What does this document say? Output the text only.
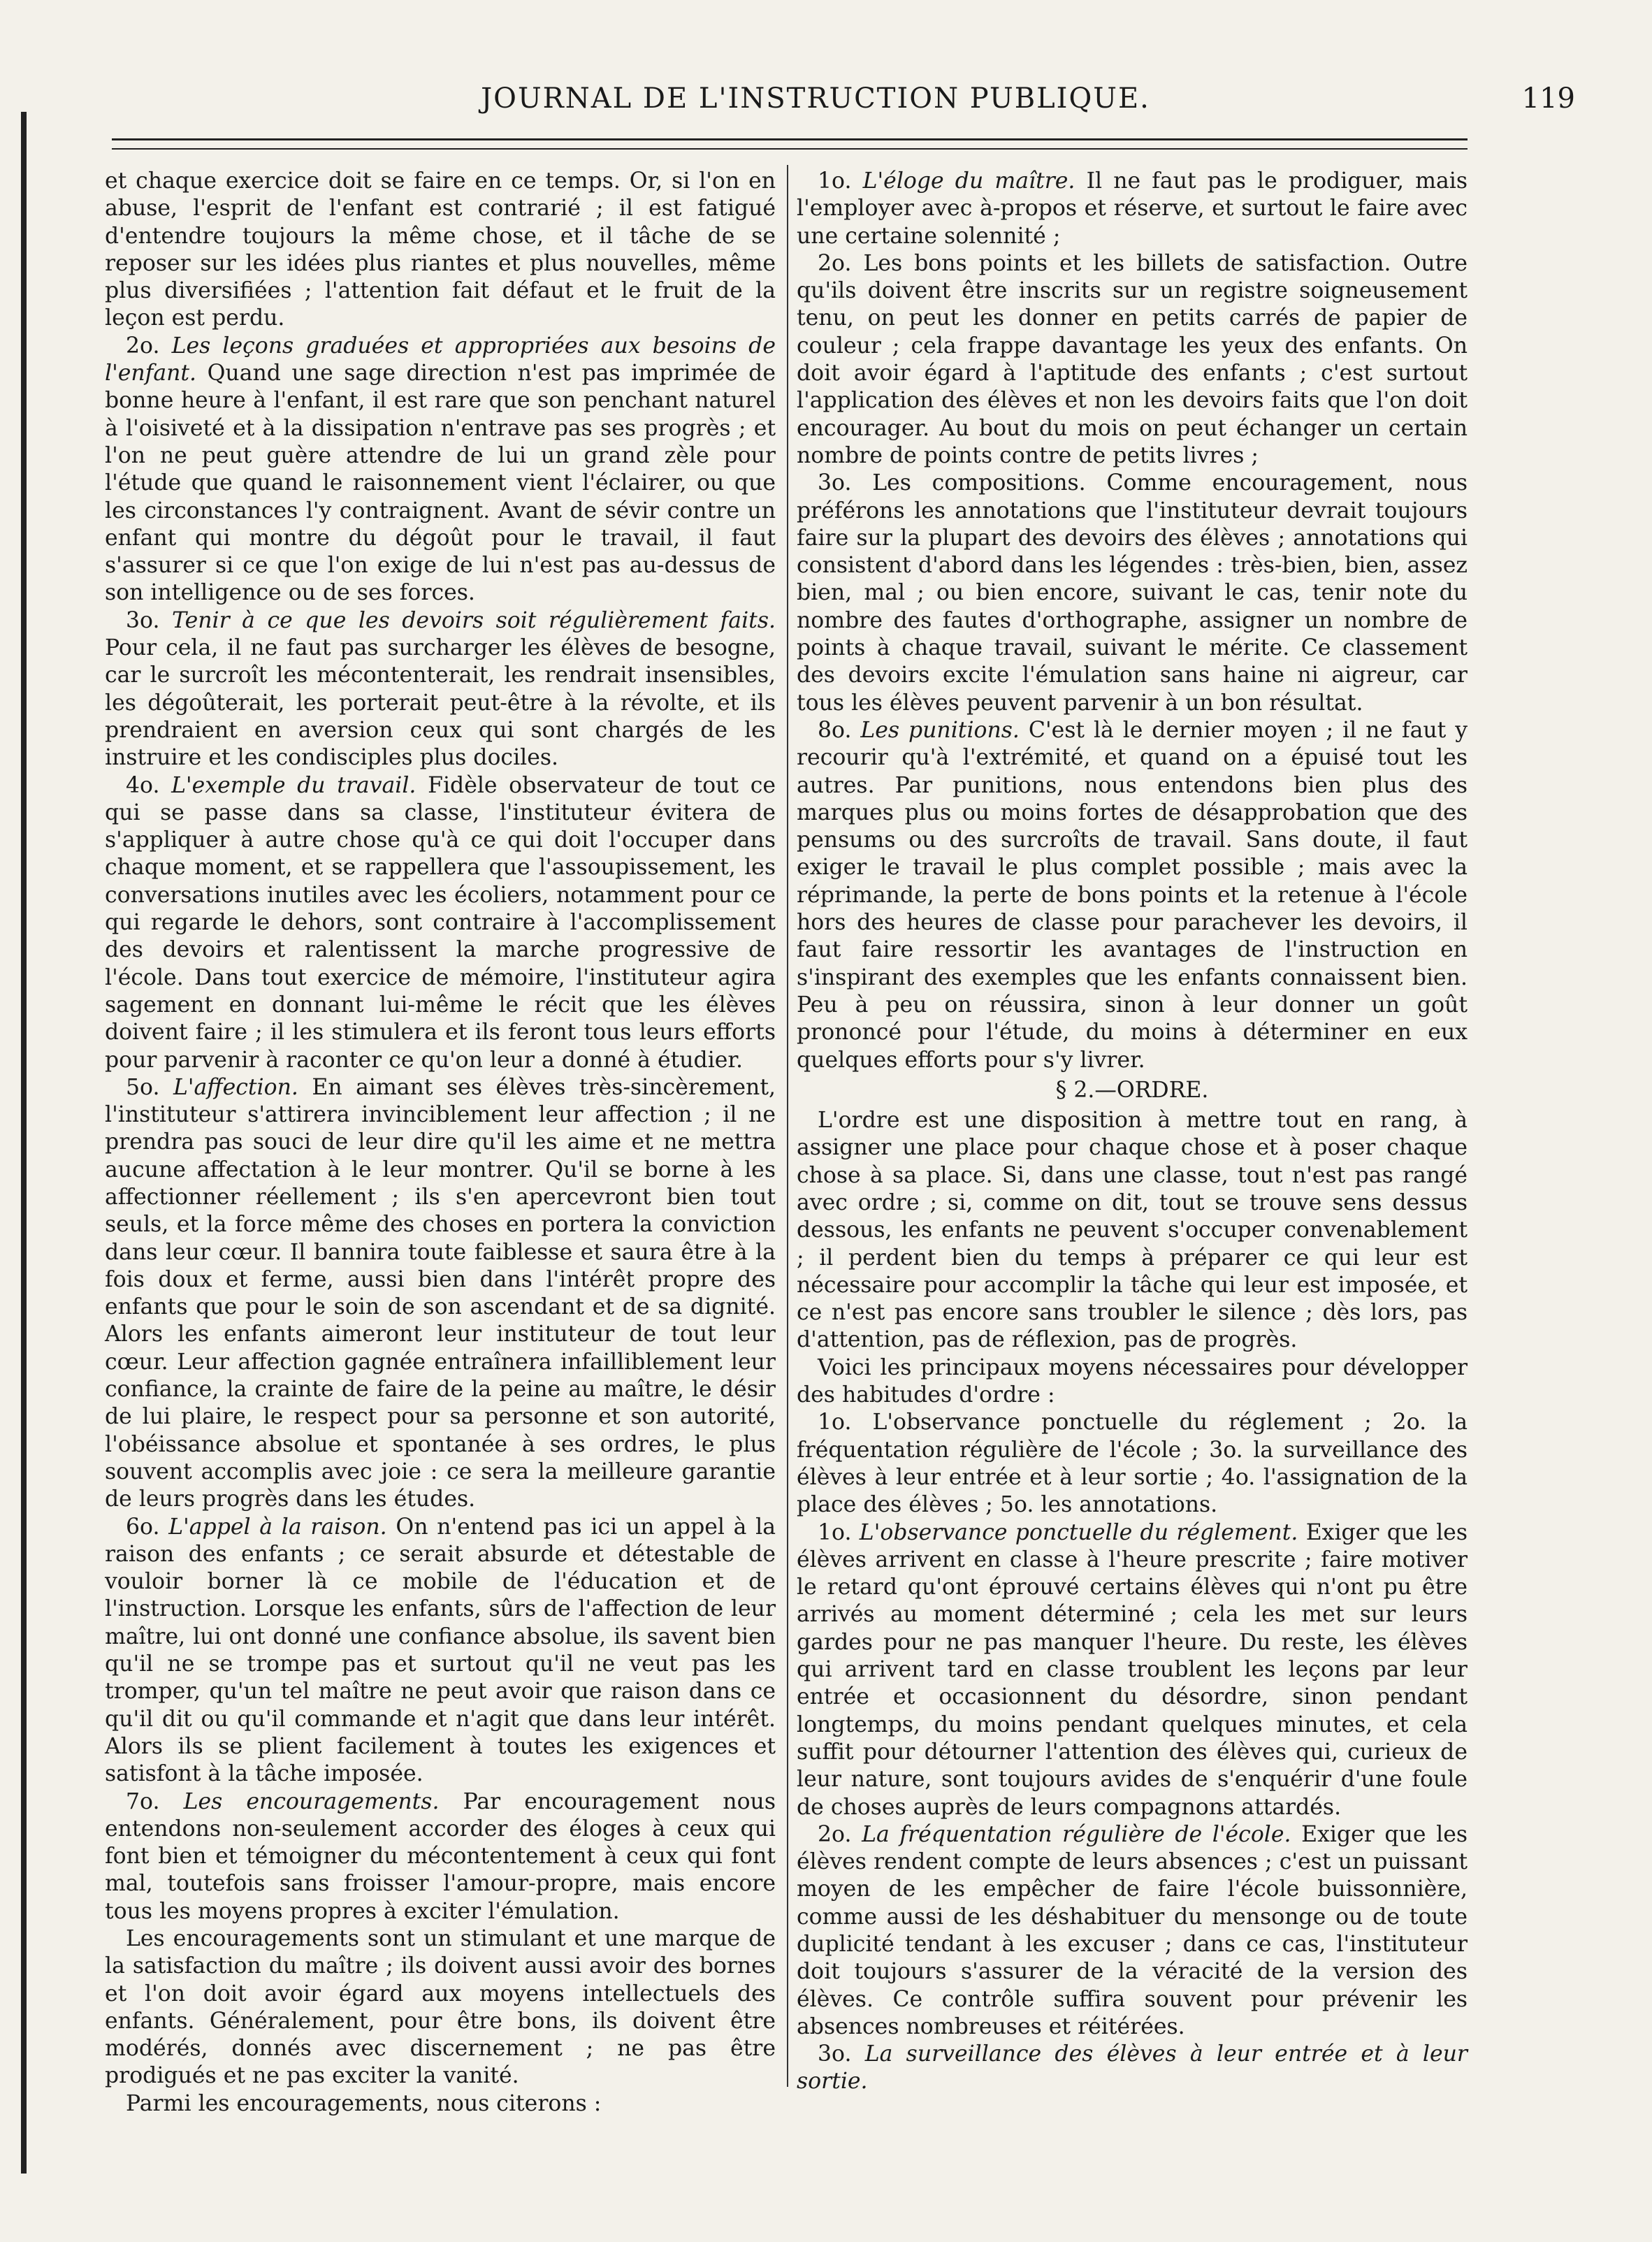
JOURNAL DE L'INSTRUCTION PUBLIQUE.	119

et chaque exercice doit se faire en ce temps. Or, si l'on en abuse, l'esprit de l'enfant est contrarié ; il est fatigué d'entendre toujours la même chose, et il tâche de se reposer sur les idées plus riantes et plus nouvelles, même plus diversifiées ; l'attention fait défaut et le fruit de la leçon est perdu.

2o. Les leçons graduées et appropriées aux besoins de l'enfant. Quand une sage direction n'est pas imprimée de bonne heure à l'enfant, il est rare que son penchant naturel à l'oisiveté et à la dissipation n'entrave pas ses progrès ; et l'on ne peut guère attendre de lui un grand zèle pour l'étude que quand le raisonnement vient l'éclairer, ou que les circonstances l'y contraignent. Avant de sévir contre un enfant qui montre du dégoût pour le travail, il faut s'assurer si ce que l'on exige de lui n'est pas au-dessus de son intelligence ou de ses forces.

3o. Tenir à ce que les devoirs soit régulièrement faits. Pour cela, il ne faut pas surcharger les élèves de besogne, car le surcroît les mécontenterait, les rendrait insensibles, les dégoûterait, les porterait peut-être à la révolte, et ils prendraient en aversion ceux qui sont chargés de les instruire et les condisciples plus dociles.

4o. L'exemple du travail. Fidèle observateur de tout ce qui se passe dans sa classe, l'instituteur évitera de s'appliquer à autre chose qu'à ce qui doit l'occuper dans chaque moment, et se rappellera que l'assoupissement, les conversations inutiles avec les écoliers, notamment pour ce qui regarde le dehors, sont contraire à l'accomplissement des devoirs et ralentissent la marche progressive de l'école. Dans tout exercice de mémoire, l'instituteur agira sagement en donnant lui-même le récit que les élèves doivent faire ; il les stimulera et ils feront tous leurs efforts pour parvenir à raconter ce qu'on leur a donné à étudier.

5o. L'affection. En aimant ses élèves très-sincèrement, l'instituteur s'attirera invinciblement leur affection ; il ne prendra pas souci de leur dire qu'il les aime et ne mettra aucune affectation à le leur montrer. Qu'il se borne à les affectionner réellement ; ils s'en apercevront bien tout seuls, et la force même des choses en portera la conviction dans leur cœur. Il bannira toute faiblesse et saura être à la fois doux et ferme, aussi bien dans l'intérêt propre des enfants que pour le soin de son ascendant et de sa dignité. Alors les enfants aimeront leur instituteur de tout leur cœur. Leur affection gagnée entraînera infailliblement leur confiance, la crainte de faire de la peine au maître, le désir de lui plaire, le respect pour sa personne et son autorité, l'obéissance absolue et spontanée à ses ordres, le plus souvent accomplis avec joie : ce sera la meilleure garantie de leurs progrès dans les études.

6o. L'appel à la raison. On n'entend pas ici un appel à la raison des enfants ; ce serait absurde et détestable de vouloir borner là ce mobile de l'éducation et de l'instruction. Lorsque les enfants, sûrs de l'affection de leur maître, lui ont donné une confiance absolue, ils savent bien qu'il ne se trompe pas et surtout qu'il ne veut pas les tromper, qu'un tel maître ne peut avoir que raison dans ce qu'il dit ou qu'il commande et n'agit que dans leur intérêt. Alors ils se plient facilement à toutes les exigences et satisfont à la tâche imposée.

7o. Les encouragements. Par encouragement nous entendons non-seulement accorder des éloges à ceux qui font bien et témoigner du mécontentement à ceux qui font mal, toutefois sans froisser l'amour-propre, mais encore tous les moyens propres à exciter l'émulation.

Les encouragements sont un stimulant et une marque de la satisfaction du maître ; ils doivent aussi avoir des bornes et l'on doit avoir égard aux moyens intellectuels des enfants. Généralement, pour être bons, ils doivent être modérés, donnés avec discernement ; ne pas être prodigués et ne pas exciter la vanité.

Parmi les encouragements, nous citerons :

1o. L'éloge du maître. Il ne faut pas le prodiguer, mais l'employer avec à-propos et réserve, et surtout le faire avec une certaine solennité ;

2o. Les bons points et les billets de satisfaction. Outre qu'ils doivent être inscrits sur un registre soigneusement tenu, on peut les donner en petits carrés de papier de couleur ; cela frappe davantage les yeux des enfants. On doit avoir égard à l'aptitude des enfants ; c'est surtout l'application des élèves et non les devoirs faits que l'on doit encourager. Au bout du mois on peut échanger un certain nombre de points contre de petits livres ;

3o. Les compositions. Comme encouragement, nous préférons les annotations que l'instituteur devrait toujours faire sur la plupart des devoirs des élèves ; annotations qui consistent d'abord dans les légendes : très-bien, bien, assez bien, mal ; ou bien encore, suivant le cas, tenir note du nombre des fautes d'orthographe, assigner un nombre de points à chaque travail, suivant le mérite. Ce classement des devoirs excite l'émulation sans haine ni aigreur, car tous les élèves peuvent parvenir à un bon résultat.

8o. Les punitions. C'est là le dernier moyen ; il ne faut y recourir qu'à l'extrémité, et quand on a épuisé tout les autres. Par punitions, nous entendons bien plus des marques plus ou moins fortes de désapprobation que des pensums ou des surcroîts de travail. Sans doute, il faut exiger le travail le plus complet possible ; mais avec la réprimande, la perte de bons points et la retenue à l'école hors des heures de classe pour parachever les devoirs, il faut faire ressortir les avantages de l'instruction en s'inspirant des exemples que les enfants connaissent bien. Peu à peu on réussira, sinon à leur donner un goût prononcé pour l'étude, du moins à déterminer en eux quelques efforts pour s'y livrer.

§ 2.—ORDRE.

L'ordre est une disposition à mettre tout en rang, à assigner une place pour chaque chose et à poser chaque chose à sa place. Si, dans une classe, tout n'est pas rangé avec ordre ; si, comme on dit, tout se trouve sens dessus dessous, les enfants ne peuvent s'occuper convenablement ; il perdent bien du temps à préparer ce qui leur est nécessaire pour accomplir la tâche qui leur est imposée, et ce n'est pas encore sans troubler le silence ; dès lors, pas d'attention, pas de réflexion, pas de progrès.

Voici les principaux moyens nécessaires pour développer des habitudes d'ordre :

1o. L'observance ponctuelle du réglement ; 2o. la fréquentation régulière de l'école ; 3o. la surveillance des élèves à leur entrée et à leur sortie ; 4o. l'assignation de la place des élèves ; 5o. les annotations.

1o. L'observance ponctuelle du réglement. Exiger que les élèves arrivent en classe à l'heure prescrite ; faire motiver le retard qu'ont éprouvé certains élèves qui n'ont pu être arrivés au moment déterminé ; cela les met sur leurs gardes pour ne pas manquer l'heure. Du reste, les élèves qui arrivent tard en classe troublent les leçons par leur entrée et occasionnent du désordre, sinon pendant longtemps, du moins pendant quelques minutes, et cela suffit pour détourner l'attention des élèves qui, curieux de leur nature, sont toujours avides de s'enquérir d'une foule de choses auprès de leurs compagnons attardés.

2o. La fréquentation régulière de l'école. Exiger que les élèves rendent compte de leurs absences ; c'est un puissant moyen de les empêcher de faire l'école buissonnière, comme aussi de les déshabituer du mensonge ou de toute duplicité tendant à les excuser ; dans ce cas, l'instituteur doit toujours s'assurer de la véracité de la version des élèves. Ce contrôle suffira souvent pour prévenir les absences nombreuses et réitérées.

3o. La surveillance des élèves à leur entrée et à leur sortie.
